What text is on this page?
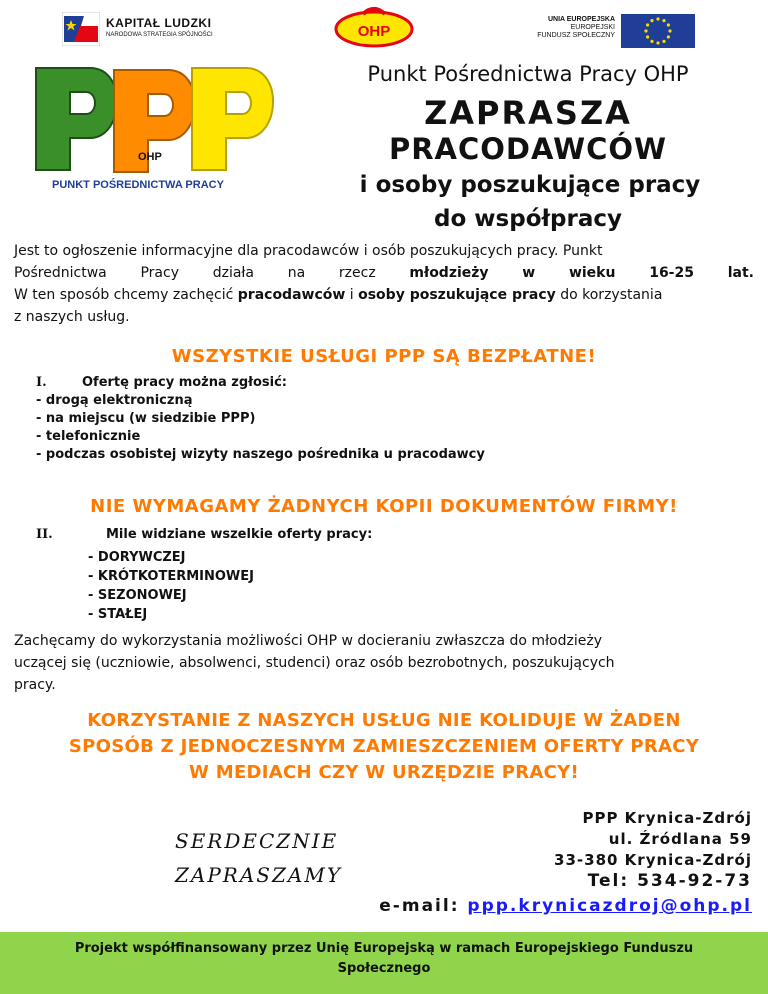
KAPITAŁ LUDZKI
NARODOWA STRATEGIA SPÓJNOŚCI	OHP
UNIA EUROPEJSKA
EUROPEJSKI
FUNDUSZ SPOŁECZNY
OHP
PUNKT POŚREDNICTWA PRACY
Punkt Pośrednictwa Pracy OHP
ZAPRASZA
PRACODAWCÓW
i osoby poszukujące pracy
do współpracy
Jest to ogłoszenie informacyjne dla pracodawców i osób poszukujących pracy. Punkt
Pośrednictwa Pracy działa na rzecz młodzieży w wieku 16-25 lat.
W ten sposób chcemy zachęcić pracodawców i osoby poszukujące pracy do korzystania
z naszych usług.
WSZYSTKIE USŁUGI PPP SĄ BEZPŁATNE!
I.	Ofertę pracy można zgłosić:
- drogą elektroniczną
- na miejscu (w siedzibie PPP)
- telefonicznie
- podczas osobistej wizyty naszego pośrednika u pracodawcy
NIE WYMAGAMY ŻADNYCH KOPII DOKUMENTÓW FIRMY!
II.	Mile widziane wszelkie oferty pracy:
- DORYWCZEJ
- KRÓTKOTERMINOWEJ
- SEZONOWEJ
- STAŁEJ
Zachęcamy do wykorzystania możliwości OHP w docieraniu zwłaszcza do młodzieży
uczącej się (uczniowie, absolwenci, studenci) oraz osób bezrobotnych, poszukujących
pracy.
KORZYSTANIE Z NASZYCH USŁUG NIE KOLIDUJE W ŻADEN
SPOSÓB Z JEDNOCZESNYM ZAMIESZCZENIEM OFERTY PRACY
W MEDIACH CZY W URZĘDZIE PRACY!
SERDECZNIE
ZAPRASZAMY
PPP Krynica-Zdrój
ul. Źródlana 59
33-380 Krynica-Zdrój
Tel: 534-92-73
e-mail: ppp.krynicazdroj@ohp.pl
Projekt współfinansowany przez Unię Europejską w ramach Europejskiego Funduszu
Społecznego
